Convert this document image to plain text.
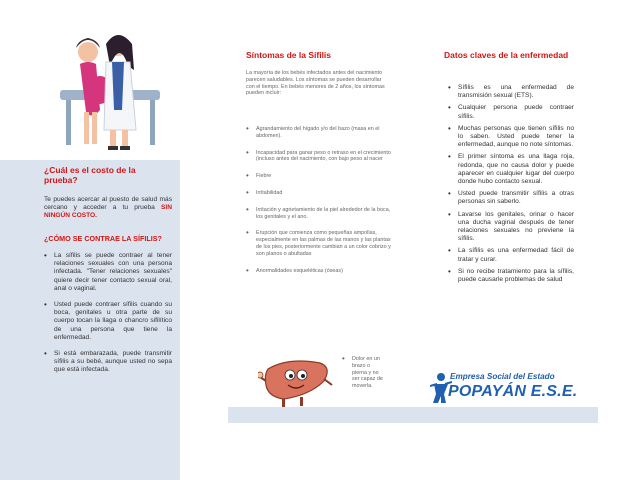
¿Cuál es el costo de la prueba?
Te puedes acercar al puesto de salud más cercano y acceder a tu prueba SIN NINGÚN COSTO.
¿CÓMO SE CONTRAE LA SÍFILIS?
• La sífilis se puede contraer al tener relaciones sexuales con una persona infectada. "Tener relaciones sexuales" quiere decir tener contacto sexual oral, anal o vaginal.
• Usted puede contraer sífilis cuando su boca, genitales u otra parte de su cuerpo tocan la llaga o chancro sifilítico de una persona que tiene la enfermedad.
• Si está embarazada, puede transmitir sífilis a su bebé, aunque usted no sepa que está infectada.
Síntomas de la Sífilis
La mayoría de los bebés infectados antes del nacimiento parecen saludables. Los síntomas se pueden desarrollar con el tiempo. En bebés menores de 2 años, los síntomas pueden incluir:
• Agrandamiento del hígado y/o del bazo (masa en el abdomen).
• Incapacidad para ganar peso o retraso en el crecimiento (incluso antes del nacimiento, con bajo peso al nacer
• Fiebre
• Irritabilidad
• Irritación y agrietamiento de la piel alrededor de la boca, los genitales y el ano.
• Erupción que comienza como pequeñas ampollas, especialmente en las palmas de las manos y las plantas de los pies, posteriormente cambian a un color cobrizo y son planos o abultadas
• Anormalidades esqueléticas (óseas)
• Dolor en un brazo o pierna y no ser capaz de moverla.
Datos claves de la enfermedad
• Sífilis es una enfermedad de transmisión sexual (ETS).
• Cualquier persona puede contraer sífilis.
• Muchas personas que tienen sífilis no lo saben. Usted puede tener la enfermedad, aunque no note síntomas.
• El primer síntoma es una llaga roja, redonda, que no causa dolor y puede aparecer en cualquier lugar del cuerpo donde hubo contacto sexual.
• Usted puede transmitir sífilis a otras personas sin saberlo.
• Lavarse los genitales, orinar o hacer una ducha vaginal después de tener relaciones sexuales no previene la sífilis.
• La sífilis es una enfermedad fácil de tratar y curar.
• Si no recibe tratamiento para la sífilis, puede causarle problemas de salud
Empresa Social del Estado
POPAYÁN E.S.E.
